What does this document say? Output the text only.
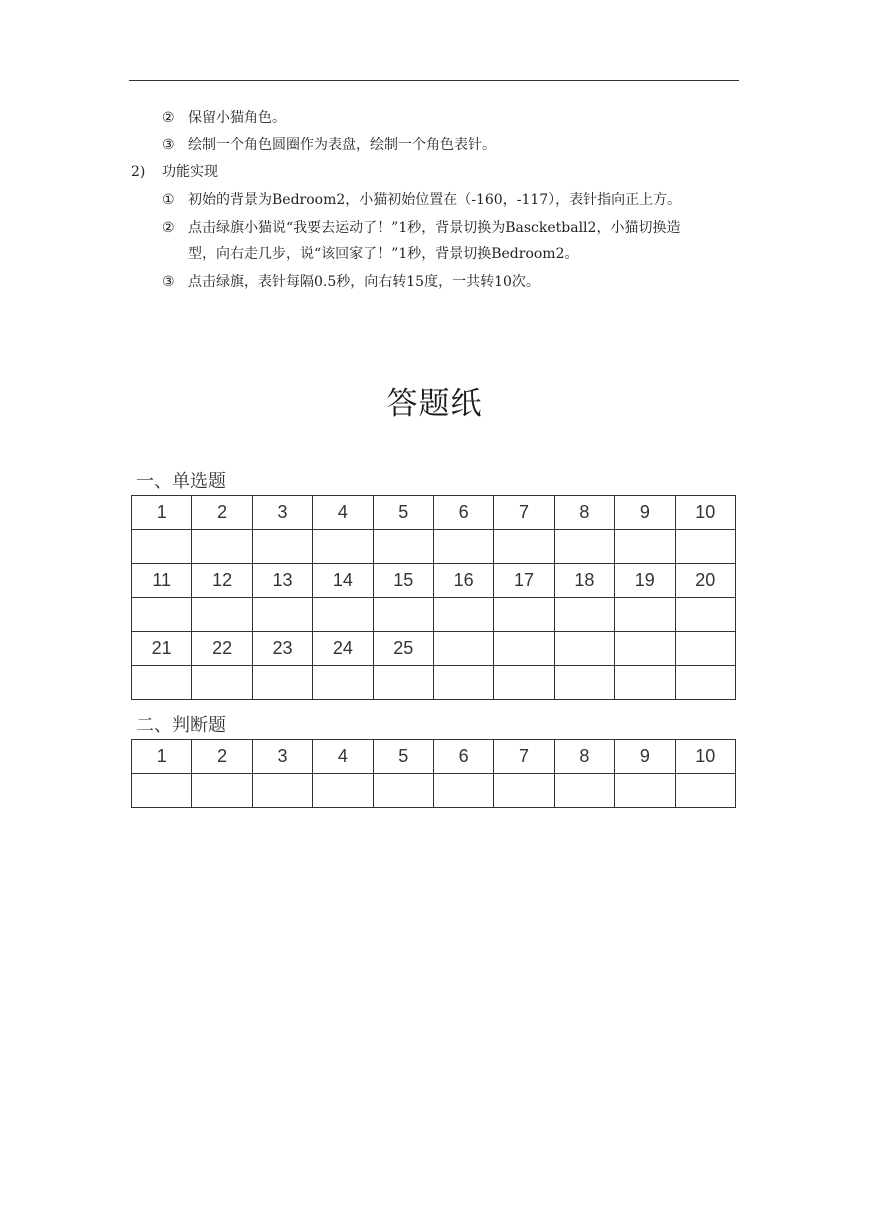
② 保留小猫角色。
③ 绘制一个角色圆圈作为表盘，绘制一个角色表针。
2) 功能实现
① 初始的背景为Bedroom2，小猫初始位置在（-160，-117），表针指向正上方。
② 点击绿旗小猫说“我要去运动了！”1秒，背景切换为Bascketball2，小猫切换造
型，向右走几步，说“该回家了！”1秒，背景切换Bedroom2。
③ 点击绿旗，表针每隔0.5秒，向右转15度，一共转10次。
答题纸
一、单选题
1	2	3	4	5	6	7	8	9	10

11	12	13	14	15	16	17	18	19	20

21	22	23	24	25					

二、判断题
1	2	3	4	5	6	7	8	9	10
